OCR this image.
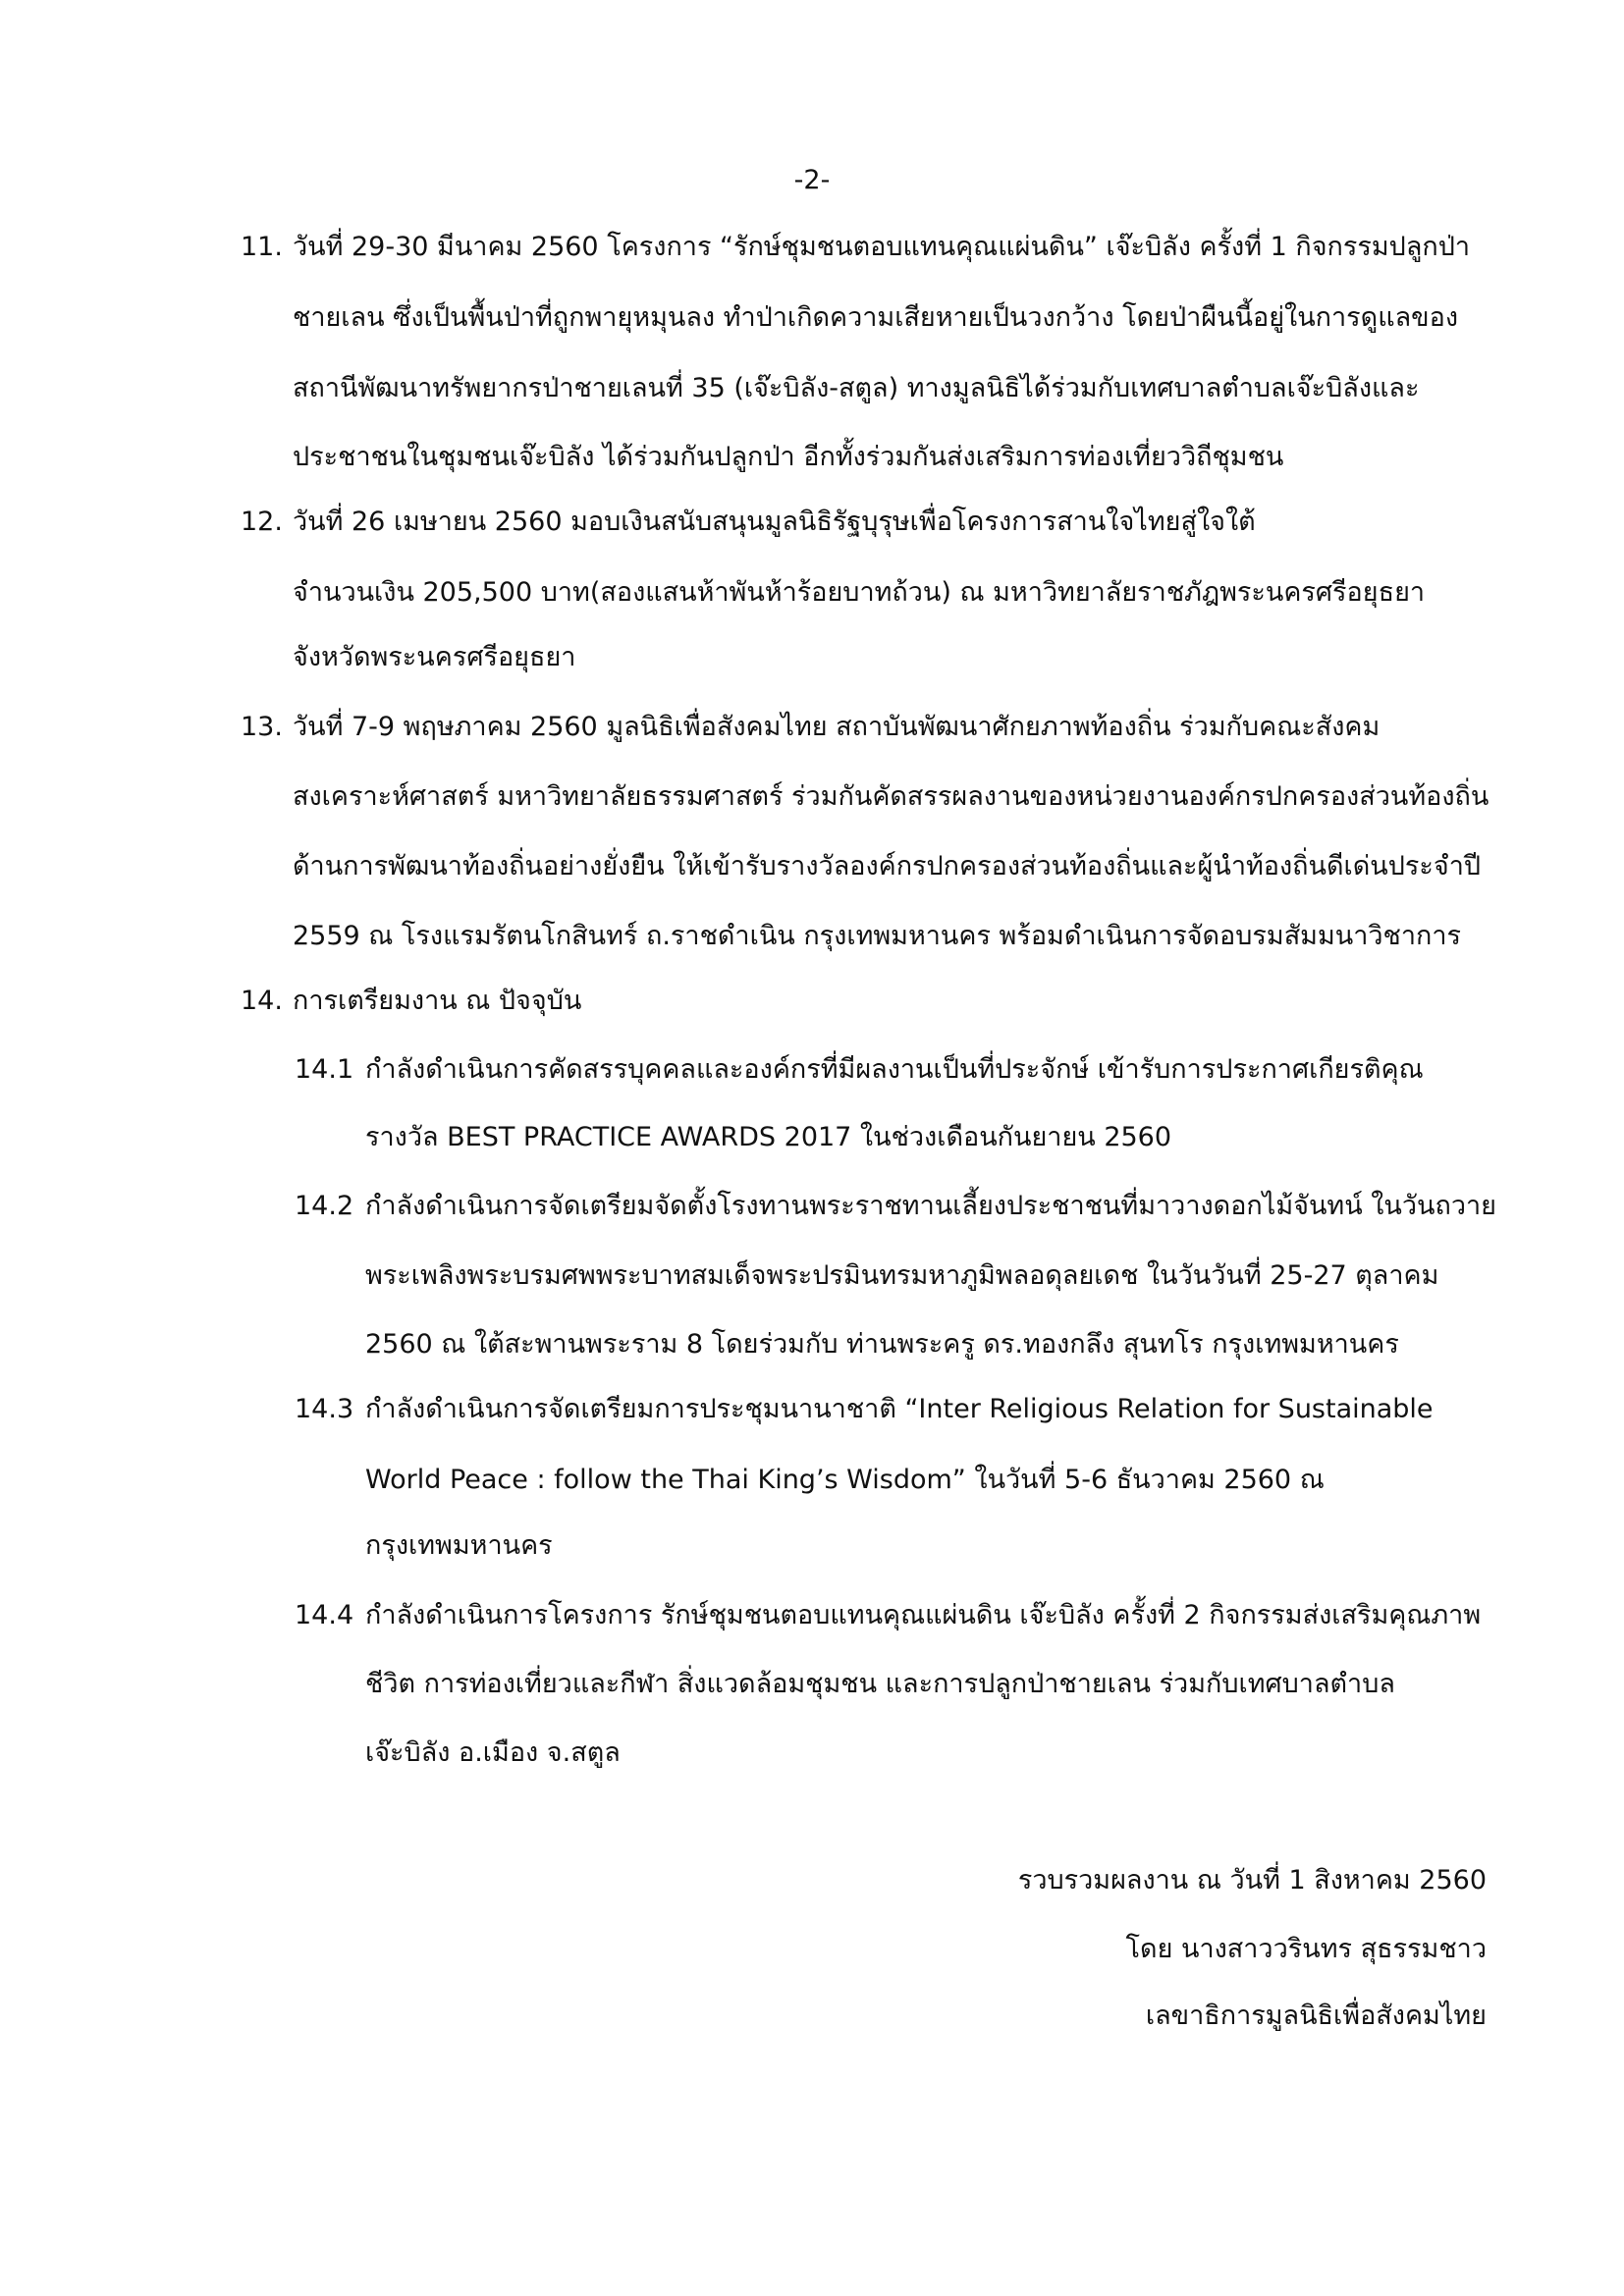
-2-
11. วันที่ 29-30 มีนาคม 2560 โครงการ “รักษ์ชุมชนตอบแทนคุณแผ่นดิน” เจ๊ะบิลัง ครั้งที่ 1 กิจกรรมปลูกป่า
ชายเลน ซึ่งเป็นพื้นป่าที่ถูกพายุหมุนลง ทำป่าเกิดความเสียหายเป็นวงกว้าง โดยป่าผืนนี้อยู่ในการดูแลของ
สถานีพัฒนาทรัพยากรป่าชายเลนที่ 35 (เจ๊ะบิลัง-สตูล) ทางมูลนิธิได้ร่วมกับเทศบาลตำบลเจ๊ะบิลังและ
ประชาชนในชุมชนเจ๊ะบิลัง ได้ร่วมกันปลูกป่า อีกทั้งร่วมกันส่งเสริมการท่องเที่ยววิถีชุมชน
12. วันที่ 26 เมษายน 2560 มอบเงินสนับสนุนมูลนิธิรัฐบุรุษเพื่อโครงการสานใจไทยสู่ใจใต้
จำนวนเงิน 205,500 บาท(สองแสนห้าพันห้าร้อยบาทถ้วน) ณ มหาวิทยาลัยราชภัฎพระนครศรีอยุธยา
จังหวัดพระนครศรีอยุธยา
13. วันที่ 7-9 พฤษภาคม 2560 มูลนิธิเพื่อสังคมไทย สถาบันพัฒนาศักยภาพท้องถิ่น ร่วมกับคณะสังคม
สงเคราะห์ศาสตร์ มหาวิทยาลัยธรรมศาสตร์ ร่วมกันคัดสรรผลงานของหน่วยงานองค์กรปกครองส่วนท้องถิ่น
ด้านการพัฒนาท้องถิ่นอย่างยั่งยืน ให้เข้ารับรางวัลองค์กรปกครองส่วนท้องถิ่นและผู้นำท้องถิ่นดีเด่นประจำปี
2559 ณ โรงแรมรัตนโกสินทร์ ถ.ราชดำเนิน กรุงเทพมหานคร พร้อมดำเนินการจัดอบรมสัมมนาวิชาการ
14. การเตรียมงาน ณ ปัจจุบัน
14.1 กำลังดำเนินการคัดสรรบุคคลและองค์กรที่มีผลงานเป็นที่ประจักษ์ เข้ารับการประกาศเกียรติคุณ
รางวัล BEST PRACTICE AWARDS 2017 ในช่วงเดือนกันยายน 2560
14.2 กำลังดำเนินการจัดเตรียมจัดตั้งโรงทานพระราชทานเลี้ยงประชาชนที่มาวางดอกไม้จันทน์ ในวันถวาย
พระเพลิงพระบรมศพพระบาทสมเด็จพระปรมินทรมหาภูมิพลอดุลยเดช ในวันวันที่ 25-27 ตุลาคม
2560 ณ ใต้สะพานพระราม 8 โดยร่วมกับ ท่านพระครู ดร.ทองกลึง สุนทโร กรุงเทพมหานคร
14.3 กำลังดำเนินการจัดเตรียมการประชุมนานาชาติ “Inter Religious Relation for Sustainable
World Peace : follow the Thai King’s Wisdom” ในวันที่ 5-6 ธันวาคม 2560 ณ
กรุงเทพมหานคร
14.4 กำลังดำเนินการโครงการ รักษ์ชุมชนตอบแทนคุณแผ่นดิน เจ๊ะบิลัง ครั้งที่ 2 กิจกรรมส่งเสริมคุณภาพ
ชีวิต การท่องเที่ยวและกีฬา สิ่งแวดล้อมชุมชน และการปลูกป่าชายเลน ร่วมกับเทศบาลตำบล
เจ๊ะบิลัง อ.เมือง จ.สตูล
รวบรวมผลงาน ณ วันที่ 1 สิงหาคม 2560
โดย นางสาววรินทร สุธรรมชาว
เลขาธิการมูลนิธิเพื่อสังคมไทย
